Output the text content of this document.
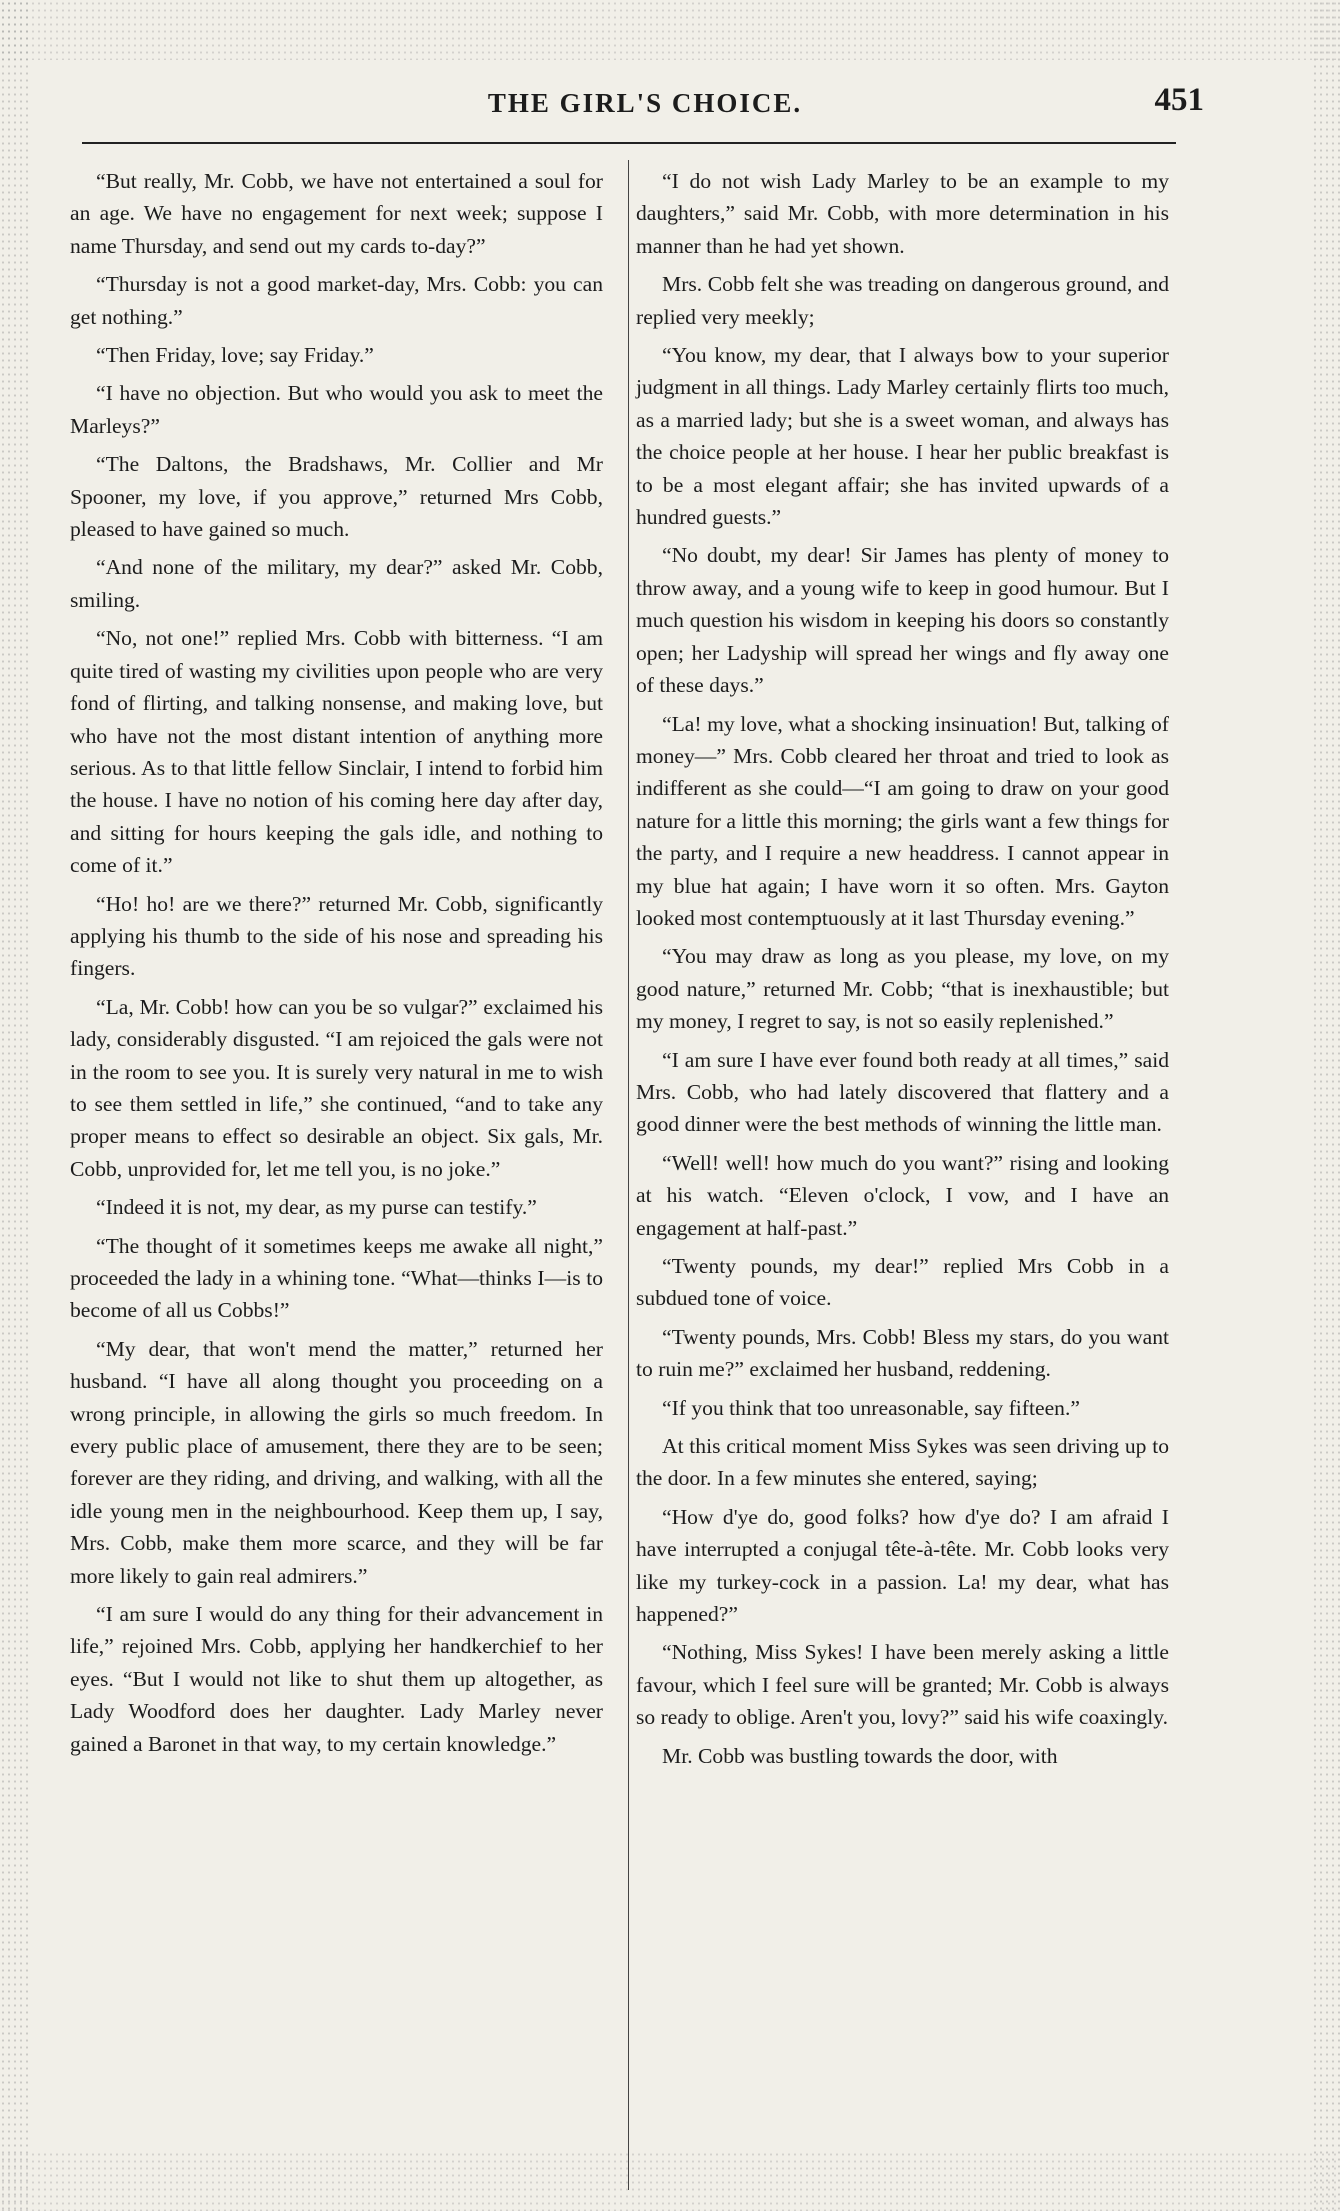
THE GIRL'S CHOICE.	451

“But really, Mr. Cobb, we have not entertained a soul for an age. We have no engagement for next week; suppose I name Thursday, and send out my cards to-day?”

“Thursday is not a good market-day, Mrs. Cobb: you can get nothing.”

“Then Friday, love; say Friday.”

“I have no objection. But who would you ask to meet the Marleys?”

“The Daltons, the Bradshaws, Mr. Collier and Mr Spooner, my love, if you approve,” returned Mrs Cobb, pleased to have gained so much.

“And none of the military, my dear?” asked Mr. Cobb, smiling.

“No, not one!” replied Mrs. Cobb with bitterness. “I am quite tired of wasting my civilities upon people who are very fond of flirting, and talking nonsense, and making love, but who have not the most distant intention of anything more serious. As to that little fellow Sinclair, I intend to forbid him the house. I have no notion of his coming here day after day, and sitting for hours keeping the gals idle, and nothing to come of it.”

“Ho! ho! are we there?” returned Mr. Cobb, significantly applying his thumb to the side of his nose and spreading his fingers.

“La, Mr. Cobb! how can you be so vulgar?” exclaimed his lady, considerably disgusted. “I am rejoiced the gals were not in the room to see you. It is surely very natural in me to wish to see them settled in life,” she continued, “and to take any proper means to effect so desirable an object. Six gals, Mr. Cobb, unprovided for, let me tell you, is no joke.”

“Indeed it is not, my dear, as my purse can testify.”

“The thought of it sometimes keeps me awake all night,” proceeded the lady in a whining tone. “What—thinks I—is to become of all us Cobbs!”

“My dear, that won't mend the matter,” returned her husband. “I have all along thought you proceeding on a wrong principle, in allowing the girls so much freedom. In every public place of amusement, there they are to be seen; forever are they riding, and driving, and walking, with all the idle young men in the neighbourhood. Keep them up, I say, Mrs. Cobb, make them more scarce, and they will be far more likely to gain real admirers.”

“I am sure I would do any thing for their advancement in life,” rejoined Mrs. Cobb, applying her handkerchief to her eyes. “But I would not like to shut them up altogether, as Lady Woodford does her daughter. Lady Marley never gained a Baronet in that way, to my certain knowledge.”

“I do not wish Lady Marley to be an example to my daughters,” said Mr. Cobb, with more determination in his manner than he had yet shown.

Mrs. Cobb felt she was treading on dangerous ground, and replied very meekly;

“You know, my dear, that I always bow to your superior judgment in all things. Lady Marley certainly flirts too much, as a married lady; but she is a sweet woman, and always has the choice people at her house. I hear her public breakfast is to be a most elegant affair; she has invited upwards of a hundred guests.”

“No doubt, my dear! Sir James has plenty of money to throw away, and a young wife to keep in good humour. But I much question his wisdom in keeping his doors so constantly open; her Ladyship will spread her wings and fly away one of these days.”

“La! my love, what a shocking insinuation! But, talking of money—” Mrs. Cobb cleared her throat and tried to look as indifferent as she could—“I am going to draw on your good nature for a little this morning; the girls want a few things for the party, and I require a new headdress. I cannot appear in my blue hat again; I have worn it so often. Mrs. Gayton looked most contemptuously at it last Thursday evening.”

“You may draw as long as you please, my love, on my good nature,” returned Mr. Cobb; “that is inexhaustible; but my money, I regret to say, is not so easily replenished.”

“I am sure I have ever found both ready at all times,” said Mrs. Cobb, who had lately discovered that flattery and a good dinner were the best methods of winning the little man.

“Well! well! how much do you want?” rising and looking at his watch. “Eleven o'clock, I vow, and I have an engagement at half-past.”

“Twenty pounds, my dear!” replied Mrs Cobb in a subdued tone of voice.

“Twenty pounds, Mrs. Cobb! Bless my stars, do you want to ruin me?” exclaimed her husband, reddening.

“If you think that too unreasonable, say fifteen.”

At this critical moment Miss Sykes was seen driving up to the door. In a few minutes she entered, saying;

“How d'ye do, good folks? how d'ye do? I am afraid I have interrupted a conjugal tête-à-tête. Mr. Cobb looks very like my turkey-cock in a passion. La! my dear, what has happened?”

“Nothing, Miss Sykes! I have been merely asking a little favour, which I feel sure will be granted; Mr. Cobb is always so ready to oblige. Aren't you, lovy?” said his wife coaxingly.

Mr. Cobb was bustling towards the door, with
